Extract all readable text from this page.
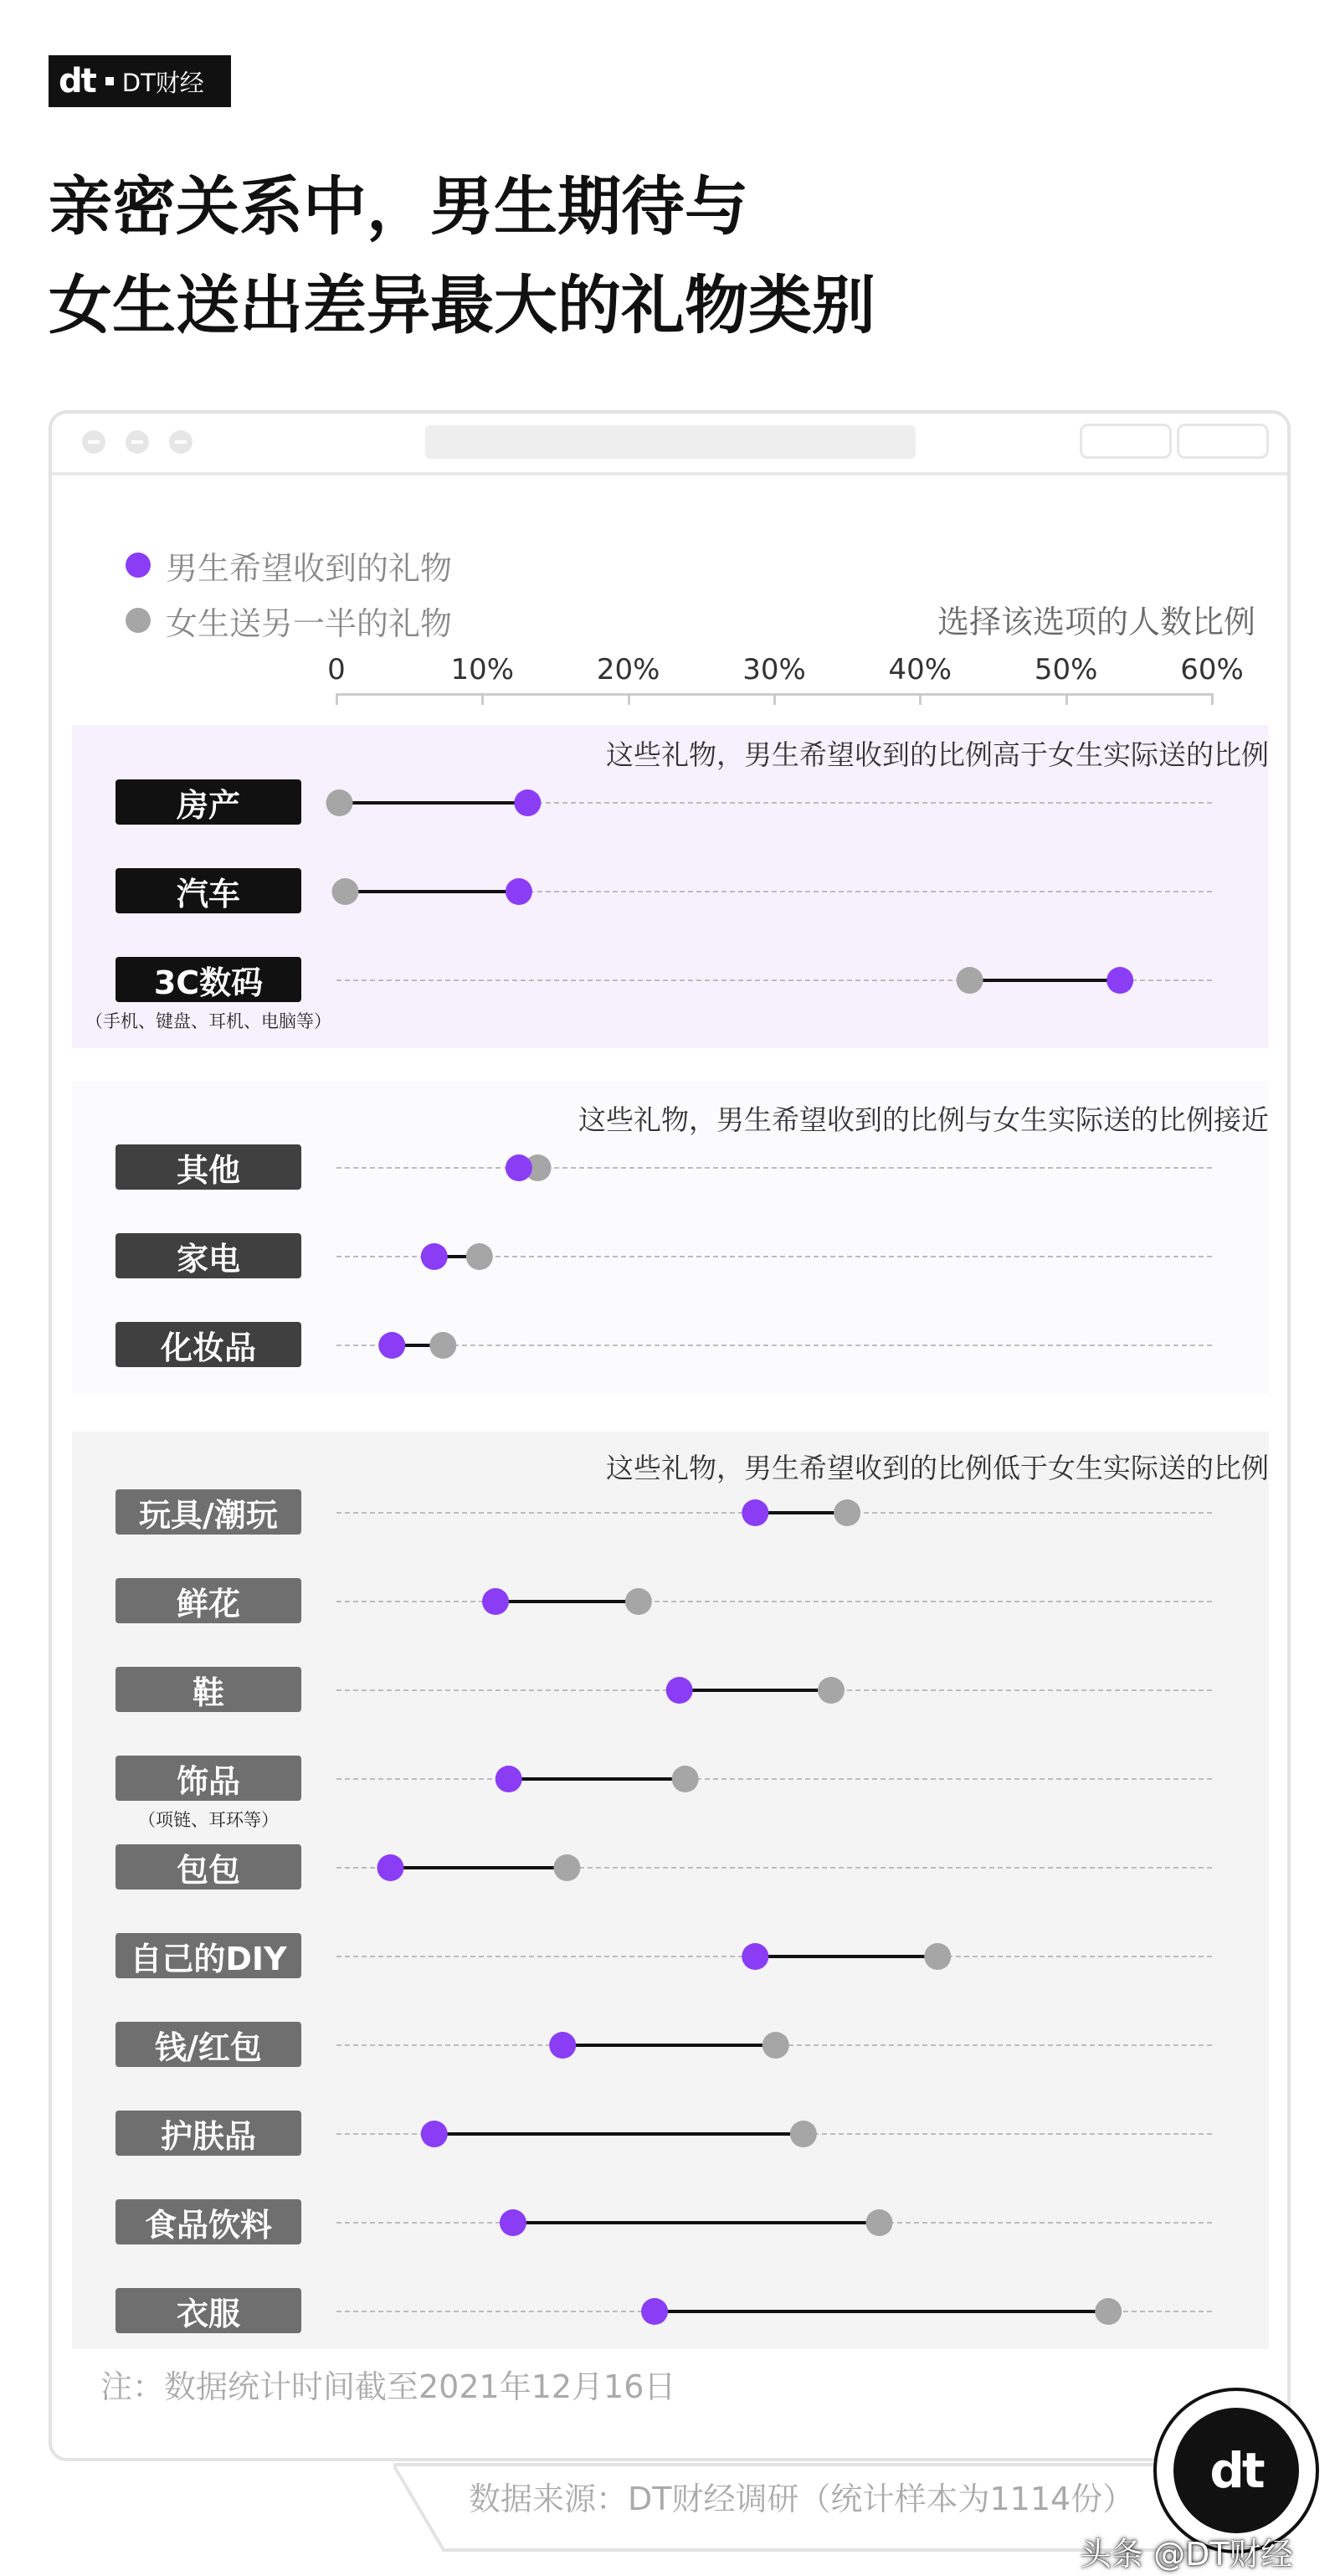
dt DT财经
亲密关系中，男生期待与
女生送出差异最大的礼物类别
男生希望收到的礼物
女生送另一半的礼物	选择该选项的人数比例
0	10%	20%	30%	40%	50%	60%
这些礼物，男生希望收到的比例高于女生实际送的比例
房产
汽车
3C数码
（手机、键盘、耳机、电脑等）
这些礼物，男生希望收到的比例与女生实际送的比例接近
其他
家电
化妆品
这些礼物，男生希望收到的比例低于女生实际送的比例
玩具/潮玩
鲜花
鞋
饰品
（项链、耳环等）
包包
自己的DIY
钱/红包
护肤品
食品饮料
衣服
注：数据统计时间截至2021年12月16日
数据来源：DT财经调研（统计样本为1114份）	dt
头条 @DT财经
